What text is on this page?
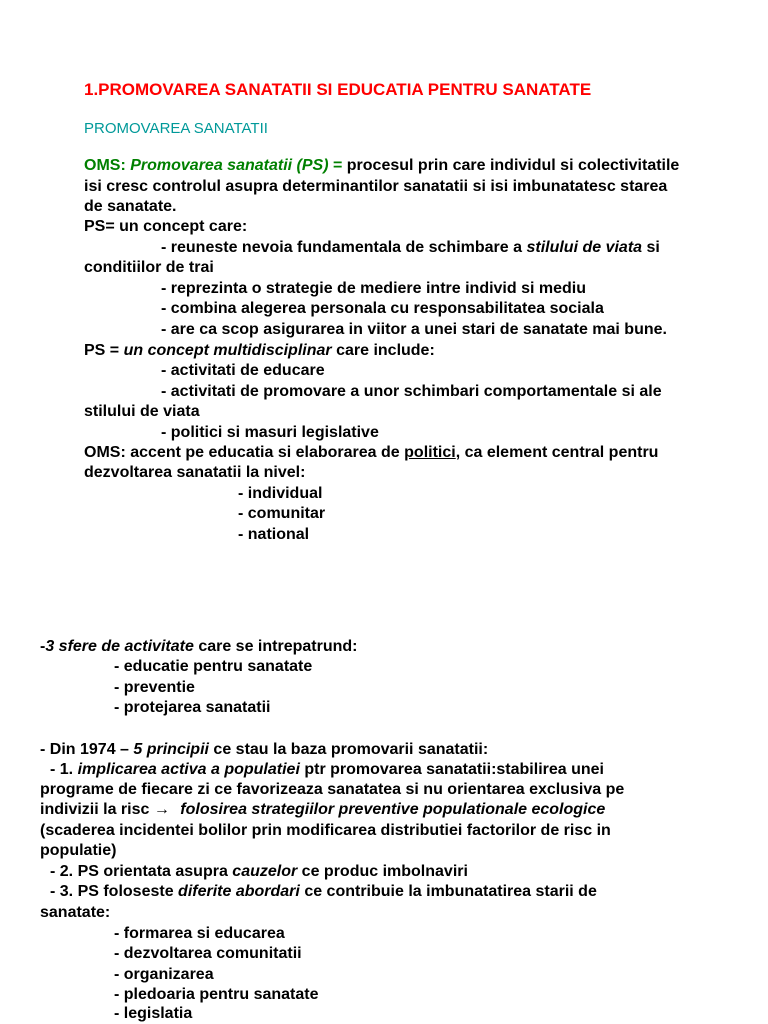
1.PROMOVAREA SANATATII SI EDUCATIA PENTRU SANATATE
PROMOVAREA SANATATII
OMS: Promovarea sanatatii (PS) = procesul prin care individul si colectivitatile
isi cresc controlul asupra determinantilor sanatatii si isi imbunatatesc starea
de sanatate.
PS= un concept care:
- reuneste nevoia fundamentala de schimbare a stilului de viata si
conditiilor de trai
- reprezinta o strategie de mediere intre individ si mediu
- combina alegerea personala cu responsabilitatea sociala
- are ca scop asigurarea in viitor a unei stari de sanatate mai bune.
PS = un concept multidisciplinar care include:
- activitati de educare
- activitati de promovare a unor schimbari comportamentale si ale
stilului de viata
- politici si masuri legislative
OMS: accent pe educatia si elaborarea de politici, ca element central pentru
dezvoltarea sanatatii la nivel:
- individual
- comunitar
- national
-3 sfere de activitate care se intrepatrund:
- educatie pentru sanatate
- preventie
- protejarea sanatatii
- Din 1974 – 5 principii ce stau la baza promovarii sanatatii:
- 1. implicarea activa a populatiei ptr promovarea sanatatii:stabilirea unei
programe de fiecare zi ce favorizeaza sanatatea si nu orientarea exclusiva pe
indivizii la risc → folosirea strategiilor preventive populationale ecologice
(scaderea incidentei bolilor prin modificarea distributiei factorilor de risc in
populatie)
- 2. PS orientata asupra cauzelor ce produc imbolnaviri
- 3. PS foloseste diferite abordari ce contribuie la imbunatatirea starii de
sanatate:
- formarea si educarea
- dezvoltarea comunitatii
- organizarea
- pledoaria pentru sanatate
- legislatia
